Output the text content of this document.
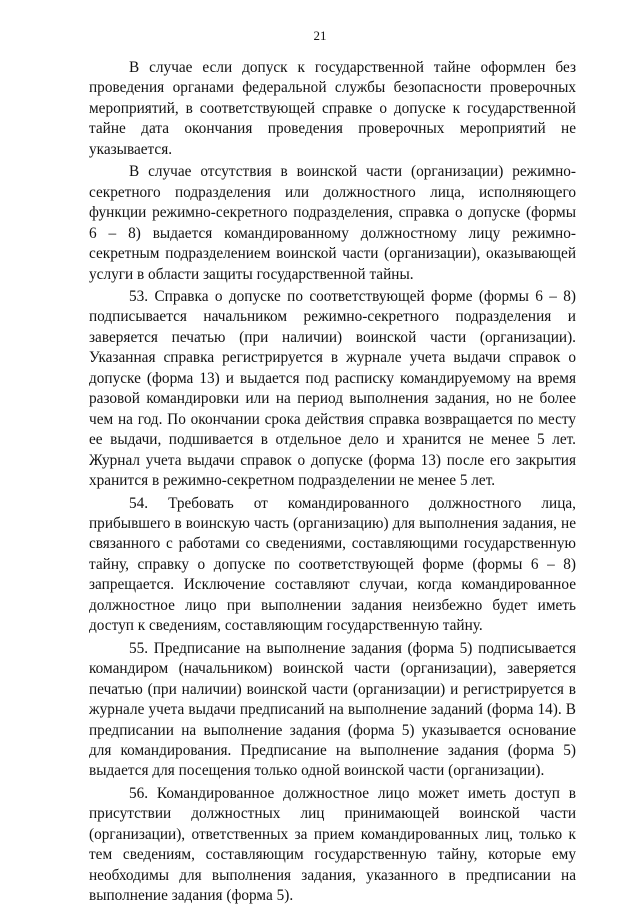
21

В случае если допуск к государственной тайне оформлен без проведения органами федеральной службы безопасности проверочных мероприятий, в соответствующей справке о допуске к государственной тайне дата окончания проведения проверочных мероприятий не указывается.

В случае отсутствия в воинской части (организации) режимно-секретного подразделения или должностного лица, исполняющего функции режимно-секретного подразделения, справка о допуске (формы 6 – 8) выдается командированному должностному лицу режимно-секретным подразделением воинской части (организации), оказывающей услуги в области защиты государственной тайны.

53. Справка о допуске по соответствующей форме (формы 6 – 8) подписывается начальником режимно-секретного подразделения и заверяется печатью (при наличии) воинской части (организации). Указанная справка регистрируется в журнале учета выдачи справок о допуске (форма 13) и выдается под расписку командируемому на время разовой командировки или на период выполнения задания, но не более чем на год. По окончании срока действия справка возвращается по месту ее выдачи, подшивается в отдельное дело и хранится не менее 5 лет. Журнал учета выдачи справок о допуске (форма 13) после его закрытия хранится в режимно-секретном подразделении не менее 5 лет.

54. Требовать от командированного должностного лица, прибывшего в воинскую часть (организацию) для выполнения задания, не связанного с работами со сведениями, составляющими государственную тайну, справку о допуске по соответствующей форме (формы 6 – 8) запрещается. Исключение составляют случаи, когда командированное должностное лицо при выполнении задания неизбежно будет иметь доступ к сведениям, составляющим государственную тайну.

55. Предписание на выполнение задания (форма 5) подписывается командиром (начальником) воинской части (организации), заверяется печатью (при наличии) воинской части (организации) и регистрируется в журнале учета выдачи предписаний на выполнение заданий (форма 14). В предписании на выполнение задания (форма 5) указывается основание для командирования. Предписание на выполнение задания (форма 5) выдается для посещения только одной воинской части (организации).

56. Командированное должностное лицо может иметь доступ в присутствии должностных лиц принимающей воинской части (организации), ответственных за прием командированных лиц, только к тем сведениям, составляющим государственную тайну, которые ему необходимы для выполнения задания, указанного в предписании на выполнение задания (форма 5).
